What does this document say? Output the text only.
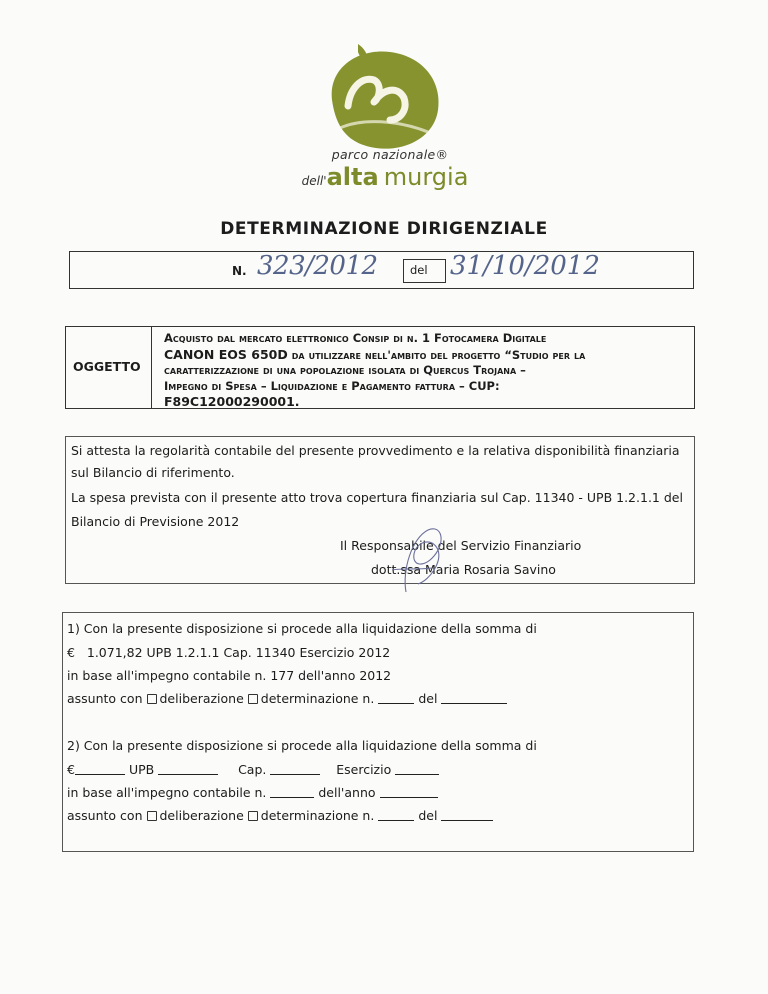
parco nazionale®
dell'alta murgia
DETERMINAZIONE DIRIGENZIALE
N. 323/2012	del 31/10/2012
OGGETTO
Acquisto dal mercato elettronico Consip di n. 1 Fotocamera Digitale
CANON EOS 650D da utilizzare nell'ambito del progetto “Studio per la
caratterizzazione di una popolazione isolata di Quercus Trojana –
Impegno di Spesa – Liquidazione e Pagamento fattura – CUP:
F89C12000290001.
Si attesta la regolarità contabile del presente provvedimento e la relativa disponibilità finanziaria
sul Bilancio di riferimento.
La spesa prevista con il presente atto trova copertura finanziaria sul Cap. 11340 - UPB 1.2.1.1 del
Bilancio di Previsione 2012
Il Responsabile del Servizio Finanziario
dott.ssa Maria Rosaria Savino
1) Con la presente disposizione si procede alla liquidazione della somma di
€ 1.071,82 UPB 1.2.1.1 Cap. 11340 Esercizio 2012
in base all'impegno contabile n. 177 dell'anno 2012
assunto con deliberazione determinazione n.	del
2) Con la presente disposizione si procede alla liquidazione della somma di
€	UPB	Cap.	Esercizio
in base all'impegno contabile n.	dell'anno
assunto con deliberazione determinazione n.	del
